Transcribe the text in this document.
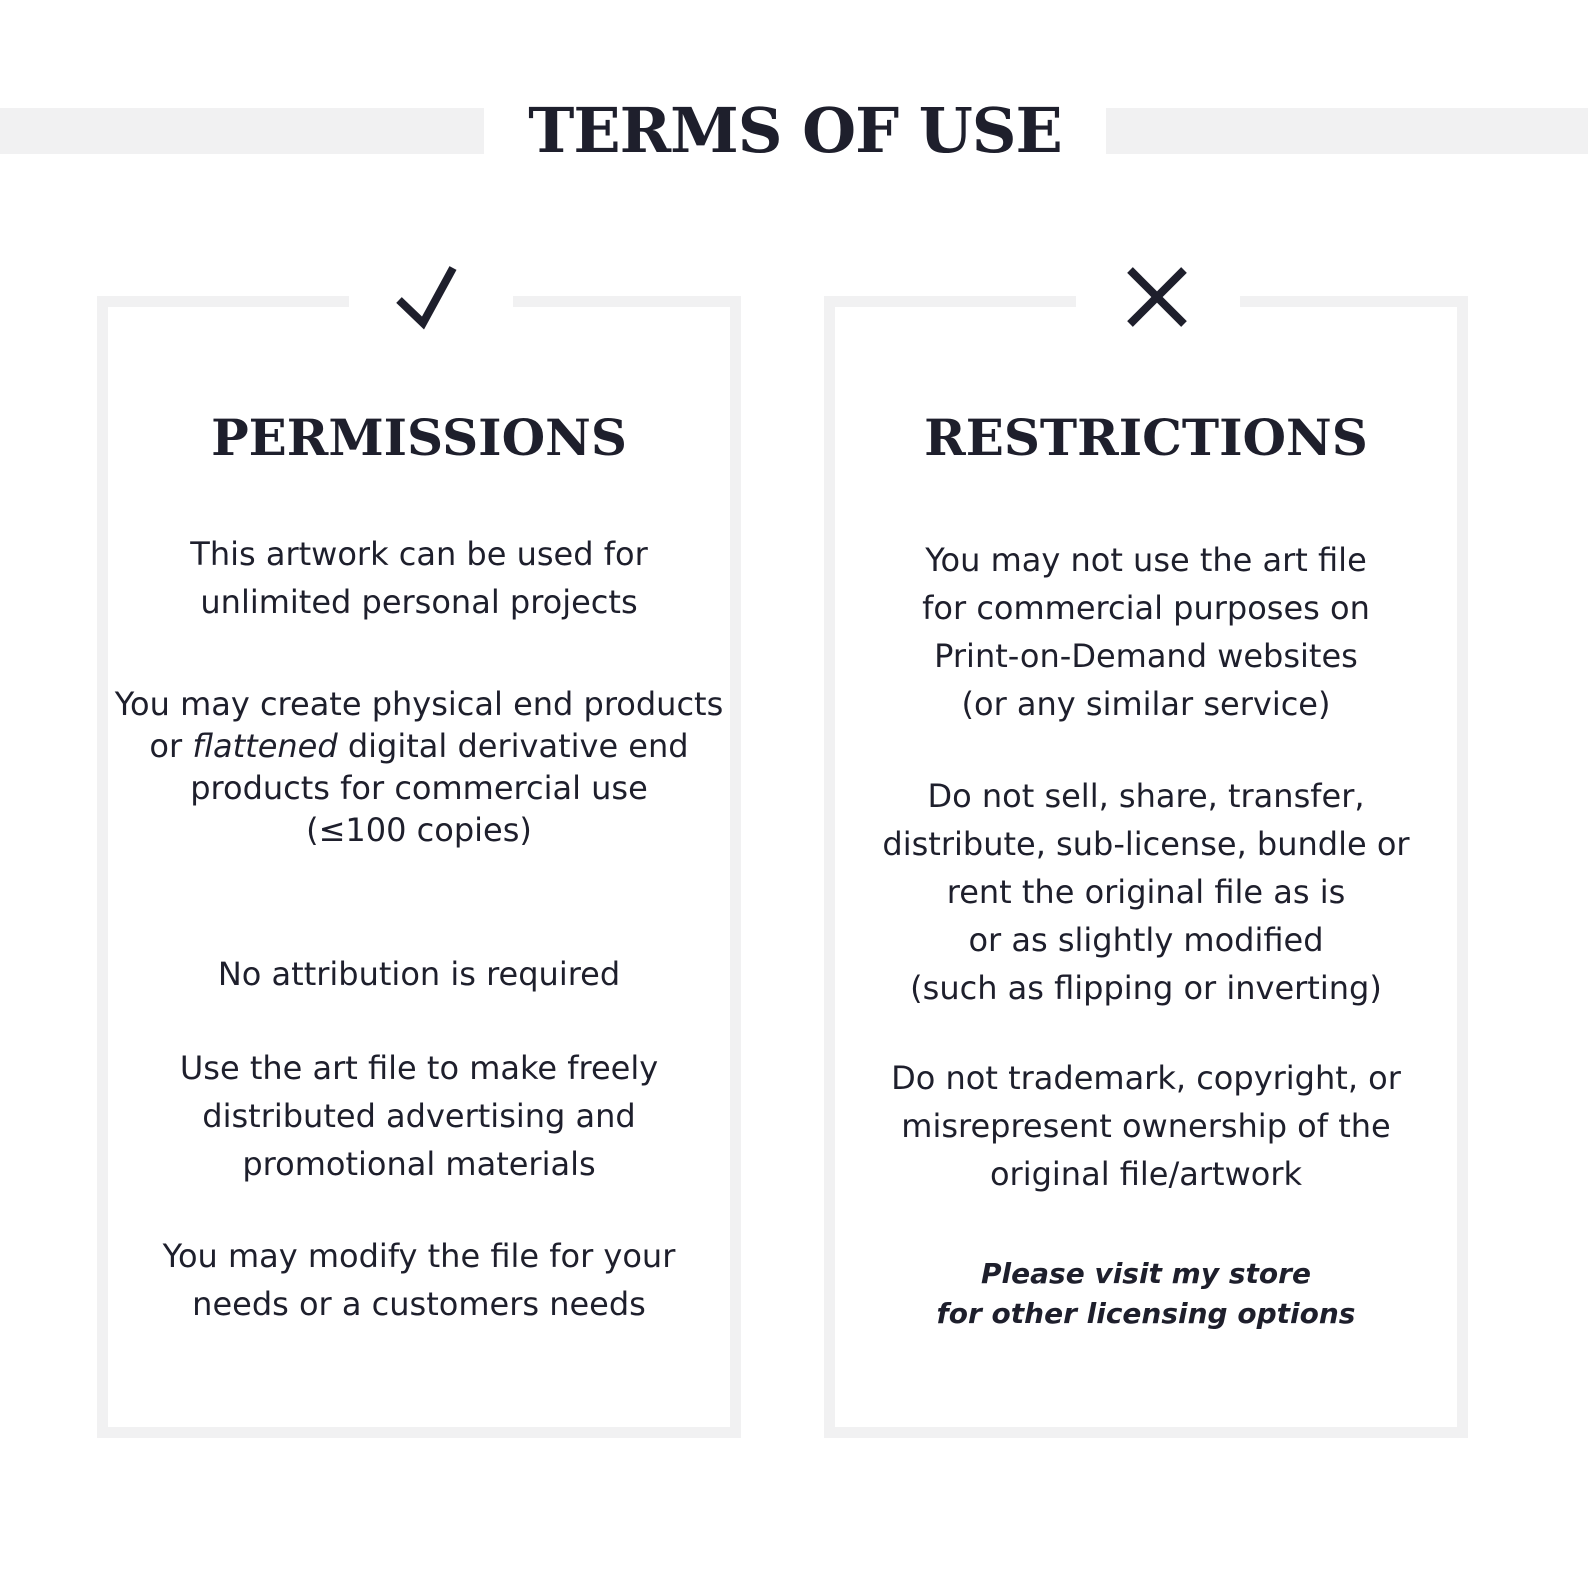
TERMS OF USE
PERMISSIONS

This artwork can be used for
unlimited personal projects

You may create physical end products or flattened digital derivative end products for commercial use
(≤100 copies)

No attribution is required

Use the art file to make freely
distributed advertising and
promotional materials

You may modify the file for your
needs or a customers needs

RESTRICTIONS

You may not use the art file
for commercial purposes on
Print-on-Demand websites
(or any similar service)

Do not sell, share, transfer,
distribute, sub-license, bundle or
rent the original file as is
or as slightly modified
(such as flipping or inverting)

Do not trademark, copyright, or
misrepresent ownership of the
original file/artwork

Please visit my store
for other licensing options
